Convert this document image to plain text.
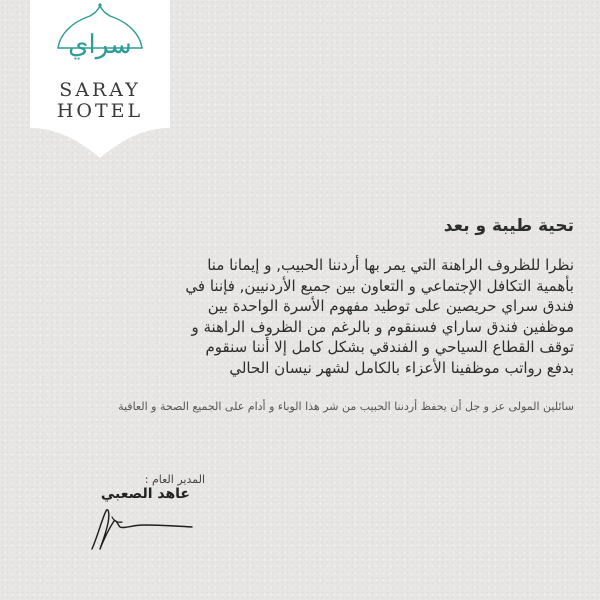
سراي
SARAY
HOTEL
تحية طيبة و بعد
نظرا للظروف الراهنة التي يمر بها أردننا الحبيب, و إيمانا منا
بأهمية التكافل الإجتماعي و التعاون بين جميع الأردنيين, فإننا في
فندق سراي حريصين على توطيد مفهوم الأسرة الواحدة بين
موظفين فندق ساراي فسنقوم و بالرغم من الظروف الراهنة و
توقف القطاع السياحي و الفندقي بشكل كامل إلا أننا سنقوم
بدفع رواتب موظفينا الأعزاء بالكامل لشهر نيسان الحالي
سائلين المولى عز و جل أن يحفظ أردننا الحبيب من شر هذا الوباء و أدام على الجميع الصحة و العافية
المدير العام :
عاهد الصعبي
